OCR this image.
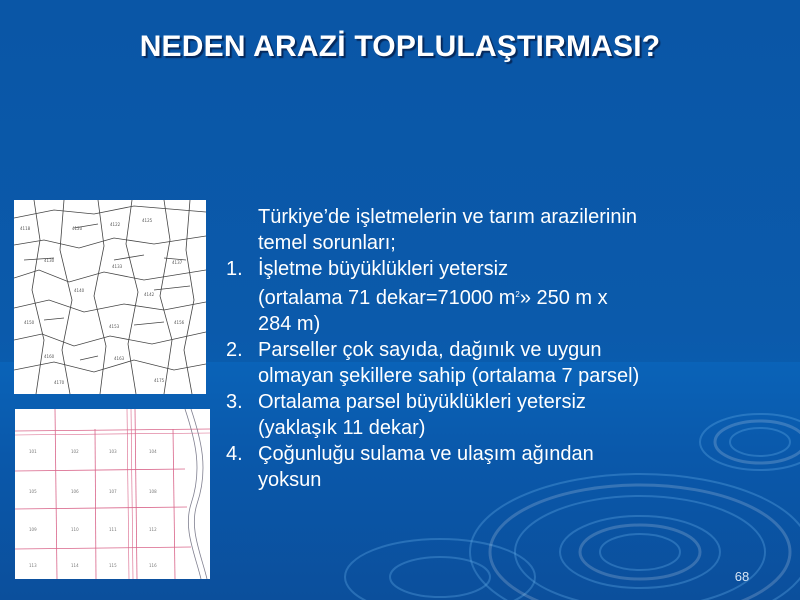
NEDEN ARAZİ TOPLULAŞTIRMASI?
4118	4120
4122
4125
4130
4133
4137
4140
4142
4150
4153
4156
4160	4163
4170	4175
101	102	103	104
105	106	107	108
109	110	111	112
113	114	115	116
Türkiye’de işletmelerin ve tarım arazilerinin
temel sorunları;
1. İşletme büyüklükleri yetersiz
(ortalama 71 dekar=71000 $m^2$» 250 m x
284 m)
2. Parseller çok sayıda, dağınık ve uygun
olmayan şekillere sahip (ortalama 7 parsel)
3. Ortalama parsel büyüklükleri yetersiz
(yaklaşık 11 dekar)
4. Çoğunluğu sulama ve ulaşım ağından
yoksun
68
